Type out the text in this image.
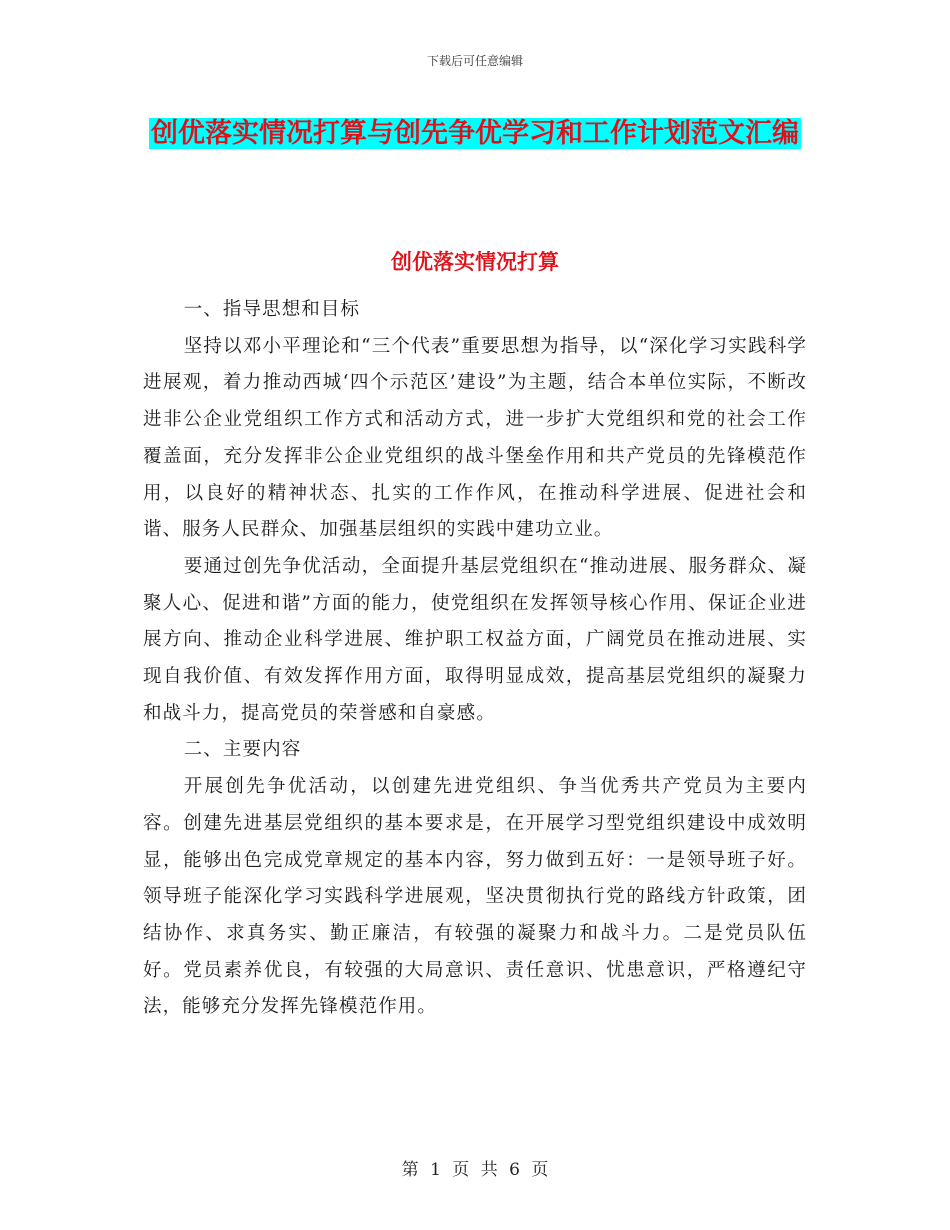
下载后可任意编辑
创优落实情况打算与创先争优学习和工作计划范文汇编
创优落实情况打算

一、指导思想和目标

坚持以邓小平理论和“三个代表”重要思想为指导，以“深化学习实践科学进展观，着力推动西城‘四个示范区’建设”为主题，结合本单位实际，不断改进非公企业党组织工作方式和活动方式，进一步扩大党组织和党的社会工作覆盖面，充分发挥非公企业党组织的战斗堡垒作用和共产党员的先锋模范作用，以良好的精神状态、扎实的工作作风，在推动科学进展、促进社会和谐、服务人民群众、加强基层组织的实践中建功立业。

要通过创先争优活动，全面提升基层党组织在“推动进展、服务群众、凝聚人心、促进和谐”方面的能力，使党组织在发挥领导核心作用、保证企业进展方向、推动企业科学进展、维护职工权益方面，广阔党员在推动进展、实现自我价值、有效发挥作用方面，取得明显成效，提高基层党组织的凝聚力和战斗力，提高党员的荣誉感和自豪感。

二、主要内容

开展创先争优活动，以创建先进党组织、争当优秀共产党员为主要内容。创建先进基层党组织的基本要求是，在开展学习型党组织建设中成效明显，能够出色完成党章规定的基本内容，努力做到五好：一是领导班子好。领导班子能深化学习实践科学进展观，坚决贯彻执行党的路线方针政策，团结协作、求真务实、勤正廉洁，有较强的凝聚力和战斗力。二是党员队伍好。党员素养优良，有较强的大局意识、责任意识、忧患意识，严格遵纪守法，能够充分发挥先锋模范作用。

第 1 页 共 6 页
